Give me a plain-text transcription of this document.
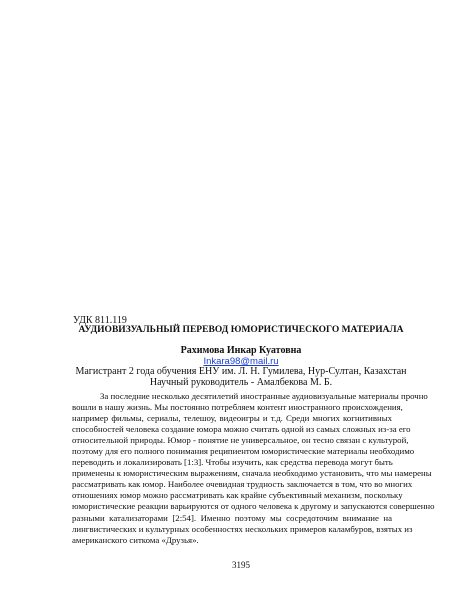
УДК 811.119

АУДИОВИЗУАЛЬНЫЙ ПЕРЕВОД ЮМОРИСТИЧЕСКОГО МАТЕРИАЛА

Рахимова Инкар Куатовна

Inkara98@mail.ru

Магистрант 2 года обучения ЕНУ им. Л. Н. Гумилева, Нур-Султан, Казахстан

Научный руководитель - Амалбекова М. Б.

За последние несколько десятилетий иностранные аудиовизуальные материалы прочно
вошли в нашу жизнь. Мы постоянно потребляем контент иностранного происхождения,
например фильмы, сериалы, телешоу, видеоигры и т.д. Среди многих когнитивных
способностей человека создание юмора можно считать одной из самых сложных из-за его
относительной природы. Юмор - понятие не универсальное, он тесно связан с культурой,
поэтому для его полного понимания реципиентом юмористические материалы необходимо
переводить и локализировать [1:3]. Чтобы изучить, как средства перевода могут быть
применены к юмористическим выражениям, сначала необходимо установить, что мы намерены
рассматривать как юмор. Наиболее очевидная трудность заключается в том, что во многих
отношениях юмор можно рассматривать как крайне субъективный механизм, поскольку
юмористические реакции варьируются от одного человека к другому и запускаются совершенно
разными катализаторами [2:54]. Именно поэтому мы сосредоточим внимание на
лингвистических и культурных особенностях нескольких примеров каламбуров, взятых из
американского ситкома «Друзья».

3195
